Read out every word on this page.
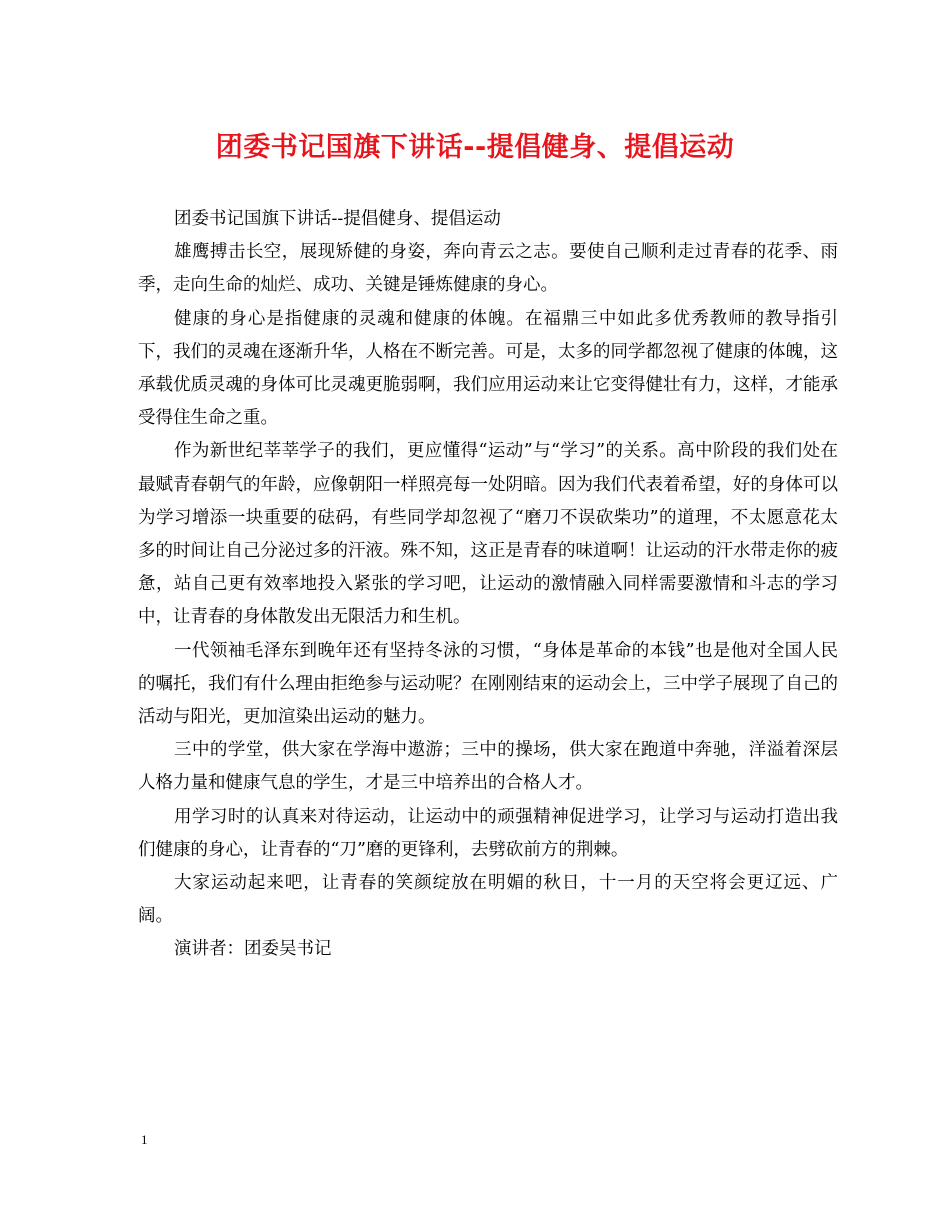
团委书记国旗下讲话--提倡健身、提倡运动

团委书记国旗下讲话--提倡健身、提倡运动

雄鹰搏击长空，展现矫健的身姿，奔向青云之志。要使自己顺利走过青春的花季、雨季，走向生命的灿烂、成功、关键是锤炼健康的身心。

健康的身心是指健康的灵魂和健康的体魄。在福鼎三中如此多优秀教师的教导指引下，我们的灵魂在逐渐升华，人格在不断完善。可是，太多的同学都忽视了健康的体魄，这承载优质灵魂的身体可比灵魂更脆弱啊，我们应用运动来让它变得健壮有力，这样，才能承受得住生命之重。

作为新世纪莘莘学子的我们，更应懂得“运动”与“学习”的关系。高中阶段的我们处在最赋青春朝气的年龄，应像朝阳一样照亮每一处阴暗。因为我们代表着希望，好的身体可以为学习增添一块重要的砝码，有些同学却忽视了“磨刀不误砍柴功”的道理，不太愿意花太多的时间让自己分泌过多的汗液。殊不知，这正是青春的味道啊！让运动的汗水带走你的疲惫，站自己更有效率地投入紧张的学习吧，让运动的激情融入同样需要激情和斗志的学习中，让青春的身体散发出无限活力和生机。

一代领袖毛泽东到晚年还有坚持冬泳的习惯，“身体是革命的本钱”也是他对全国人民的嘱托，我们有什么理由拒绝参与运动呢？在刚刚结束的运动会上，三中学子展现了自己的活动与阳光，更加渲染出运动的魅力。

三中的学堂，供大家在学海中遨游；三中的操场，供大家在跑道中奔驰，洋溢着深层人格力量和健康气息的学生，才是三中培养出的合格人才。

用学习时的认真来对待运动，让运动中的顽强精神促进学习，让学习与运动打造出我们健康的身心，让青春的“刀”磨的更锋利，去劈砍前方的荆棘。

大家运动起来吧，让青春的笑颜绽放在明媚的秋日，十一月的天空将会更辽远、广阔。

演讲者：团委吴书记

1
